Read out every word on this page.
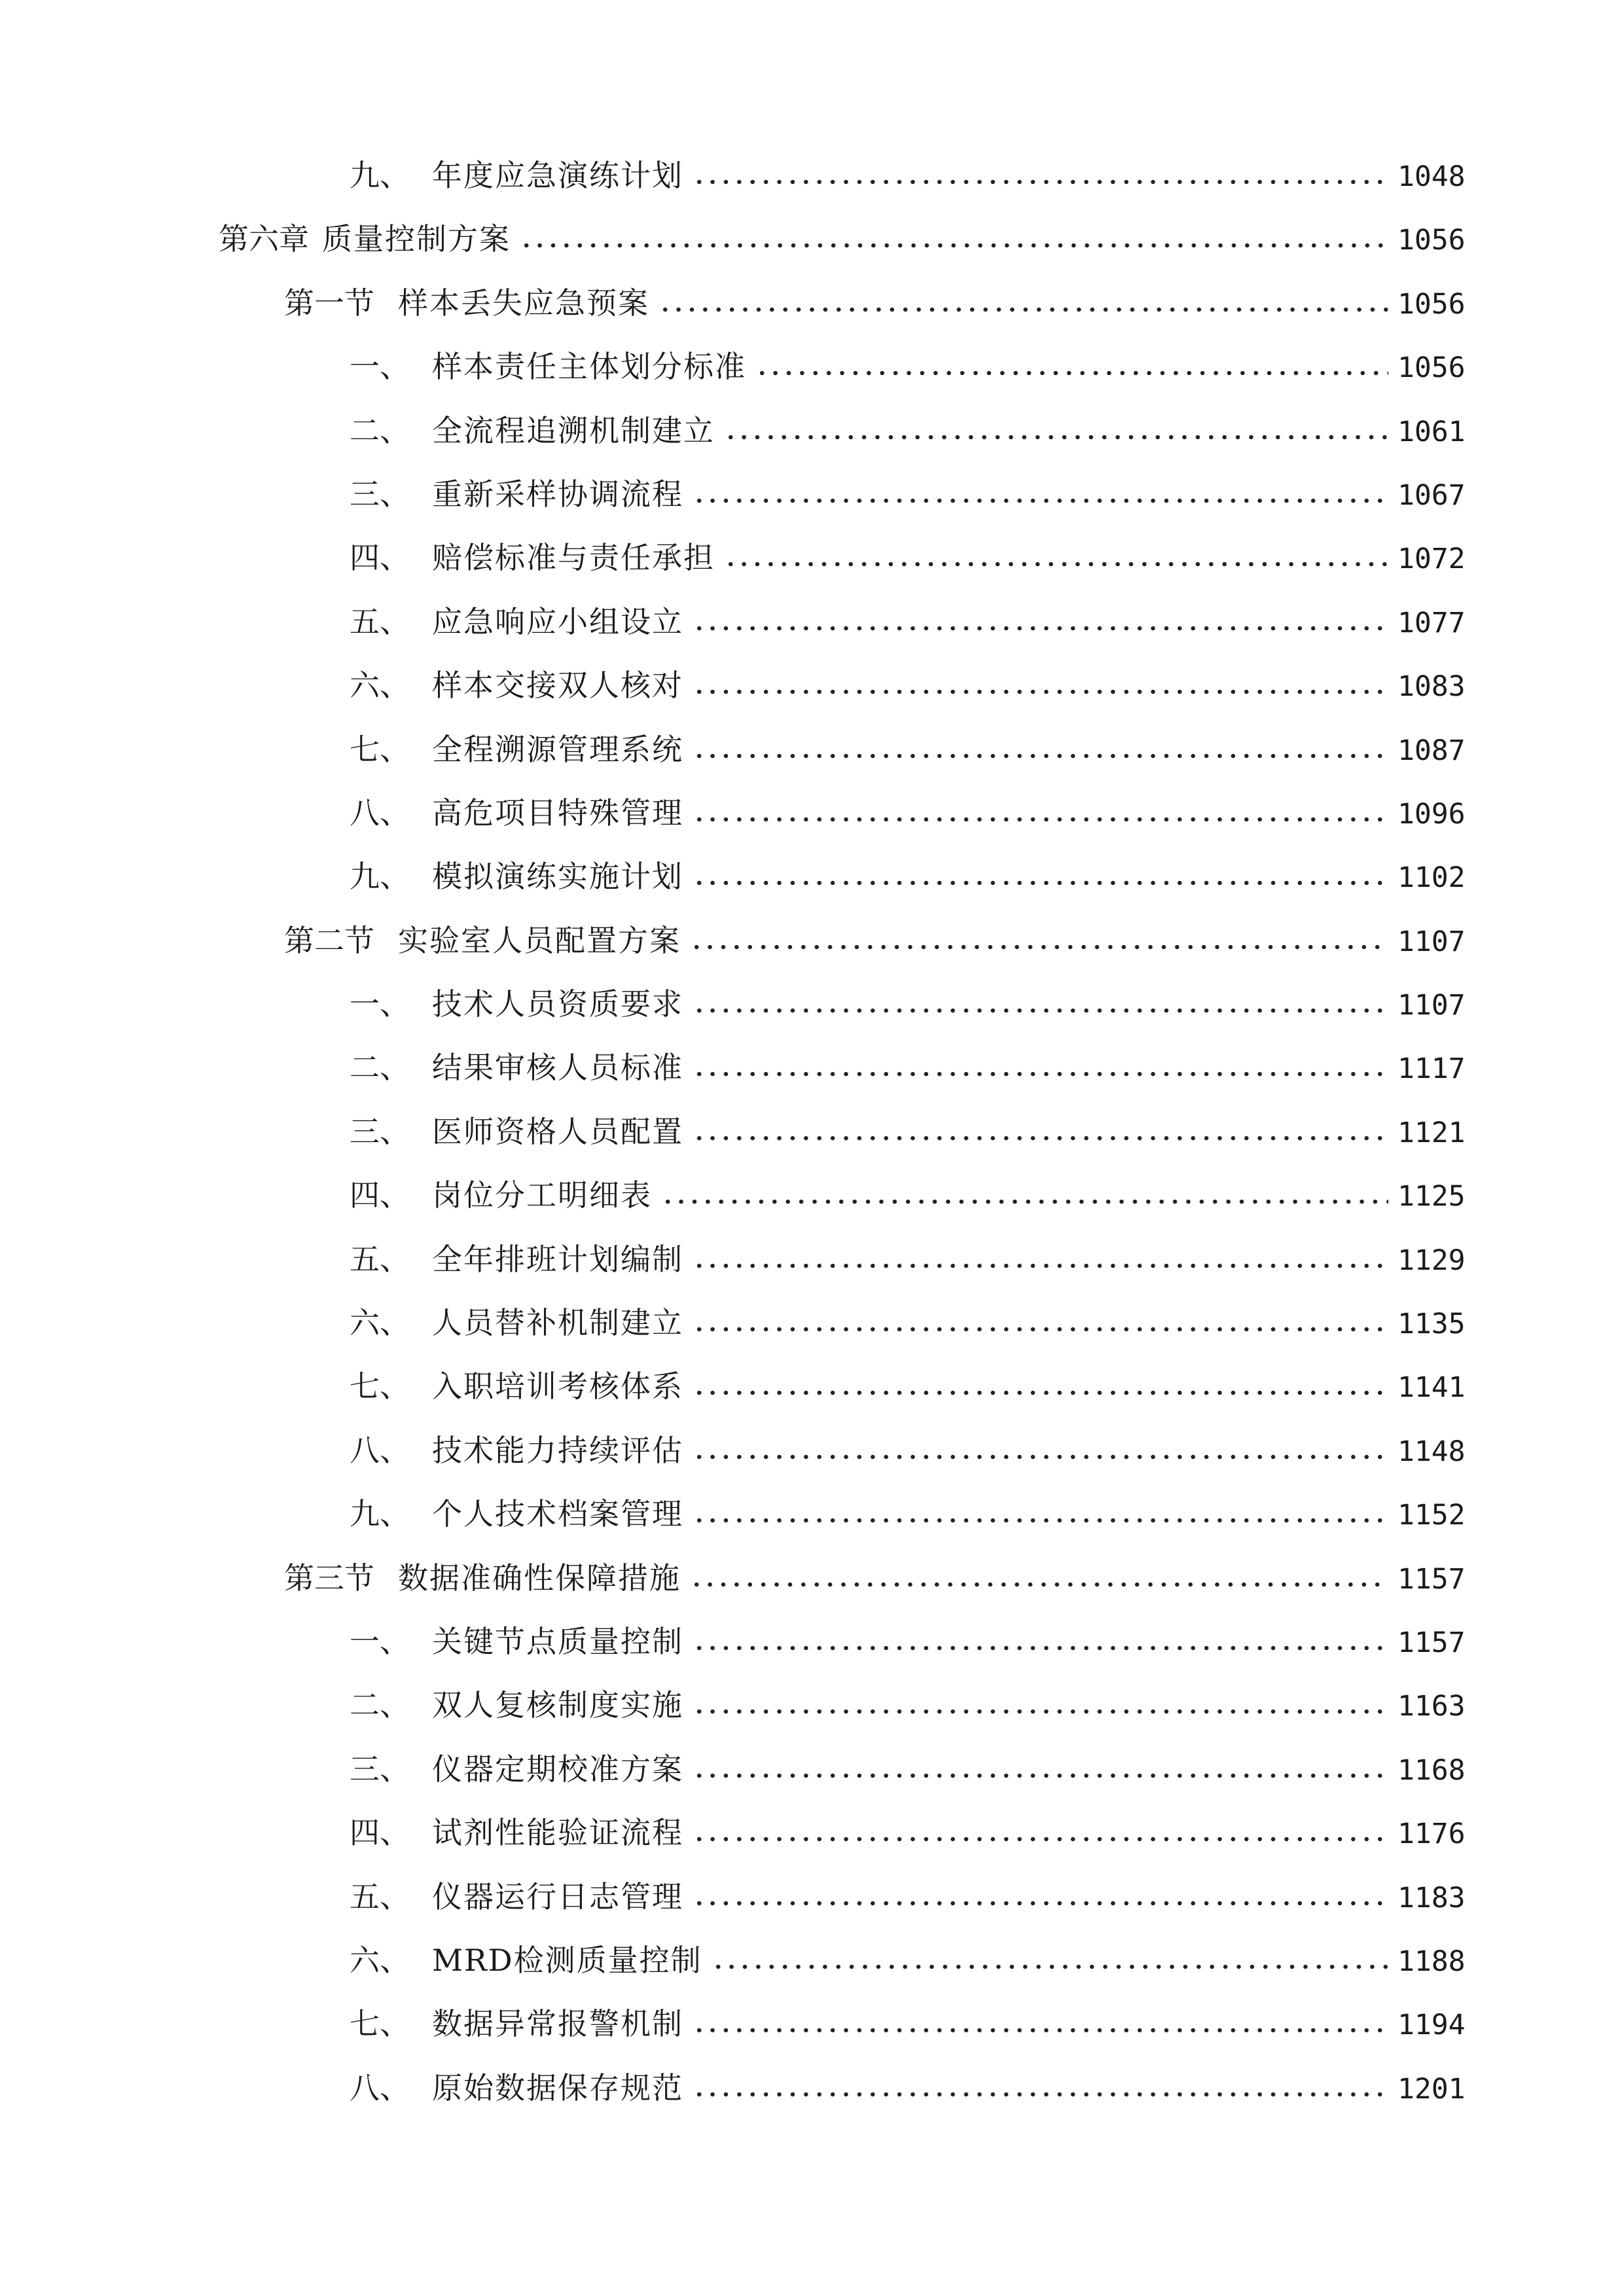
九、 年度应急演练计划	1048
第六章 质量控制方案	1056
第一节 样本丢失应急预案	1056
一、 样本责任主体划分标准	1056
二、 全流程追溯机制建立	1061
三、 重新采样协调流程	1067
四、 赔偿标准与责任承担	1072
五、 应急响应小组设立	1077
六、 样本交接双人核对	1083
七、 全程溯源管理系统	1087
八、 高危项目特殊管理	1096
九、 模拟演练实施计划	1102
第二节 实验室人员配置方案	1107
一、 技术人员资质要求	1107
二、 结果审核人员标准	1117
三、 医师资格人员配置	1121
四、 岗位分工明细表	1125
五、 全年排班计划编制	1129
六、 人员替补机制建立	1135
七、 入职培训考核体系	1141
八、 技术能力持续评估	1148
九、 个人技术档案管理	1152
第三节 数据准确性保障措施	1157
一、 关键节点质量控制	1157
二、 双人复核制度实施	1163
三、 仪器定期校准方案	1168
四、 试剂性能验证流程	1176
五、 仪器运行日志管理	1183
六、 MRD检测质量控制	1188
七、 数据异常报警机制	1194
八、 原始数据保存规范	1201
